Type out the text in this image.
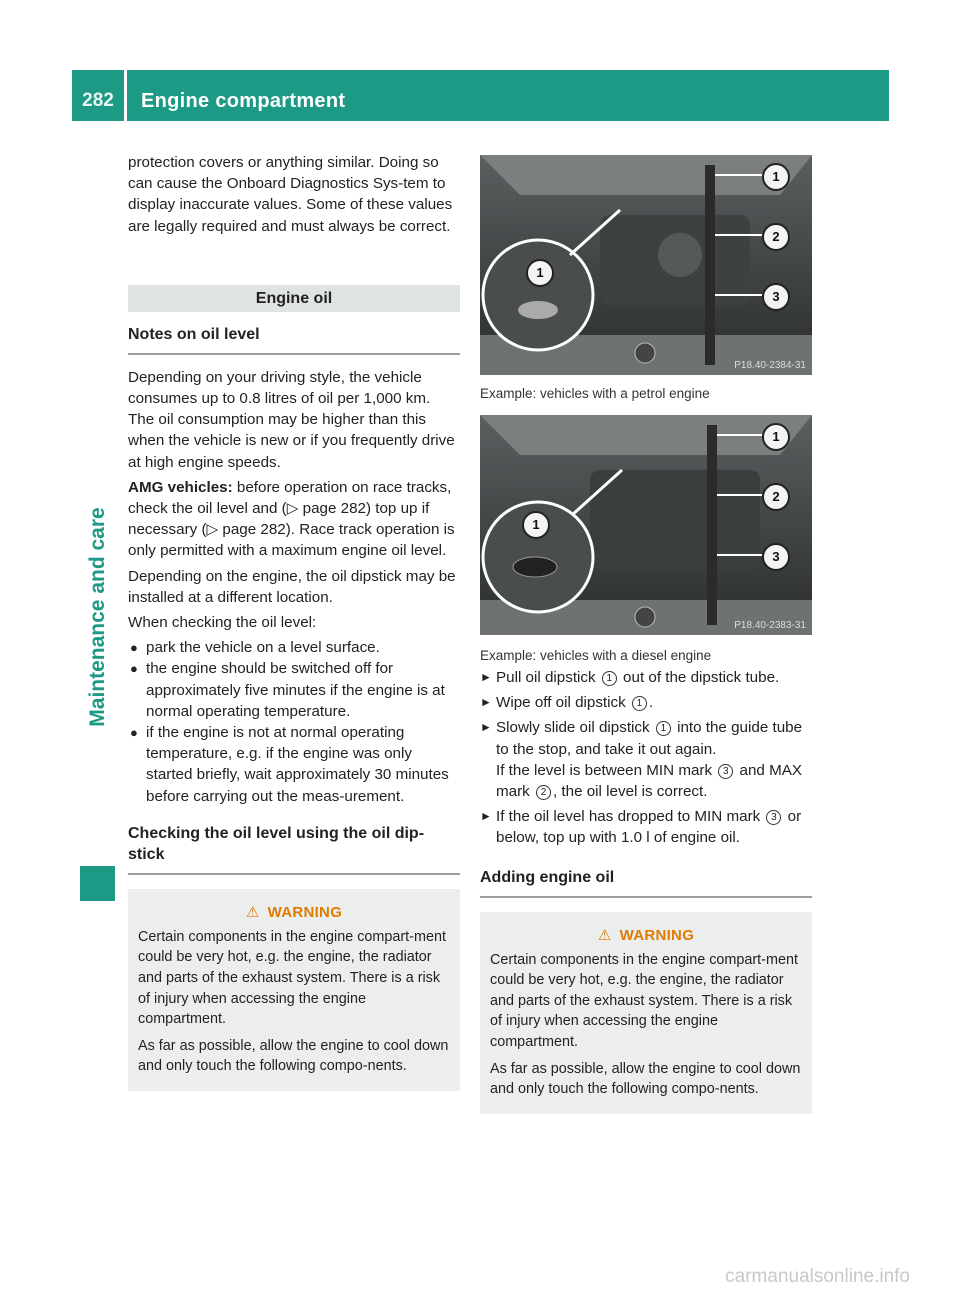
282	Engine compartment
Maintenance and care

protection covers or anything similar. Doing so can cause the Onboard Diagnostics Sys-tem to display inaccurate values. Some of these values are legally required and must always be correct.

Engine oil
Notes on oil level

Depending on your driving style, the vehicle consumes up to 0.8 litres of oil per 1,000 km. The oil consumption may be higher than this when the vehicle is new or if you frequently drive at high engine speeds.

AMG vehicles: before operation on race tracks, check the oil level and (▷ page 282) top up if necessary (▷ page 282). Race track operation is only permitted with a maximum engine oil level.

Depending on the engine, the oil dipstick may be installed at a different location.

When checking the oil level:

● park the vehicle on a level surface.
● the engine should be switched off for approximately five minutes if the engine is at normal operating temperature.
● if the engine is not at normal operating temperature, e.g. if the engine was only started briefly, wait approximately 30 minutes before carrying out the meas-urement.
Checking the oil level using the oil dip-stick
⚠ WARNING

Certain components in the engine compart-ment could be very hot, e.g. the engine, the radiator and parts of the exhaust system. There is a risk of injury when accessing the engine compartment.

As far as possible, allow the engine to cool down and only touch the following compo-nents.

1
2
3
1
P18.40-2384-31
Example: vehicles with a petrol engine
1
2
3
1
P18.40-2383-31
Example: vehicles with a diesel engine
► Pull oil dipstick 1 out of the dipstick tube.
► Wipe off oil dipstick 1 .
► Slowly slide oil dipstick 1 into the guide tube to the stop, and take it out again.
If the level is between MIN mark 3 and MAX mark 2 , the oil level is correct.
► If the oil level has dropped to MIN mark 3 or below, top up with 1.0 l of engine oil.
Adding engine oil
⚠ WARNING

Certain components in the engine compart-ment could be very hot, e.g. the engine, the radiator and parts of the exhaust system. There is a risk of injury when accessing the engine compartment.

As far as possible, allow the engine to cool down and only touch the following compo-nents.

carmanualsonline.info
